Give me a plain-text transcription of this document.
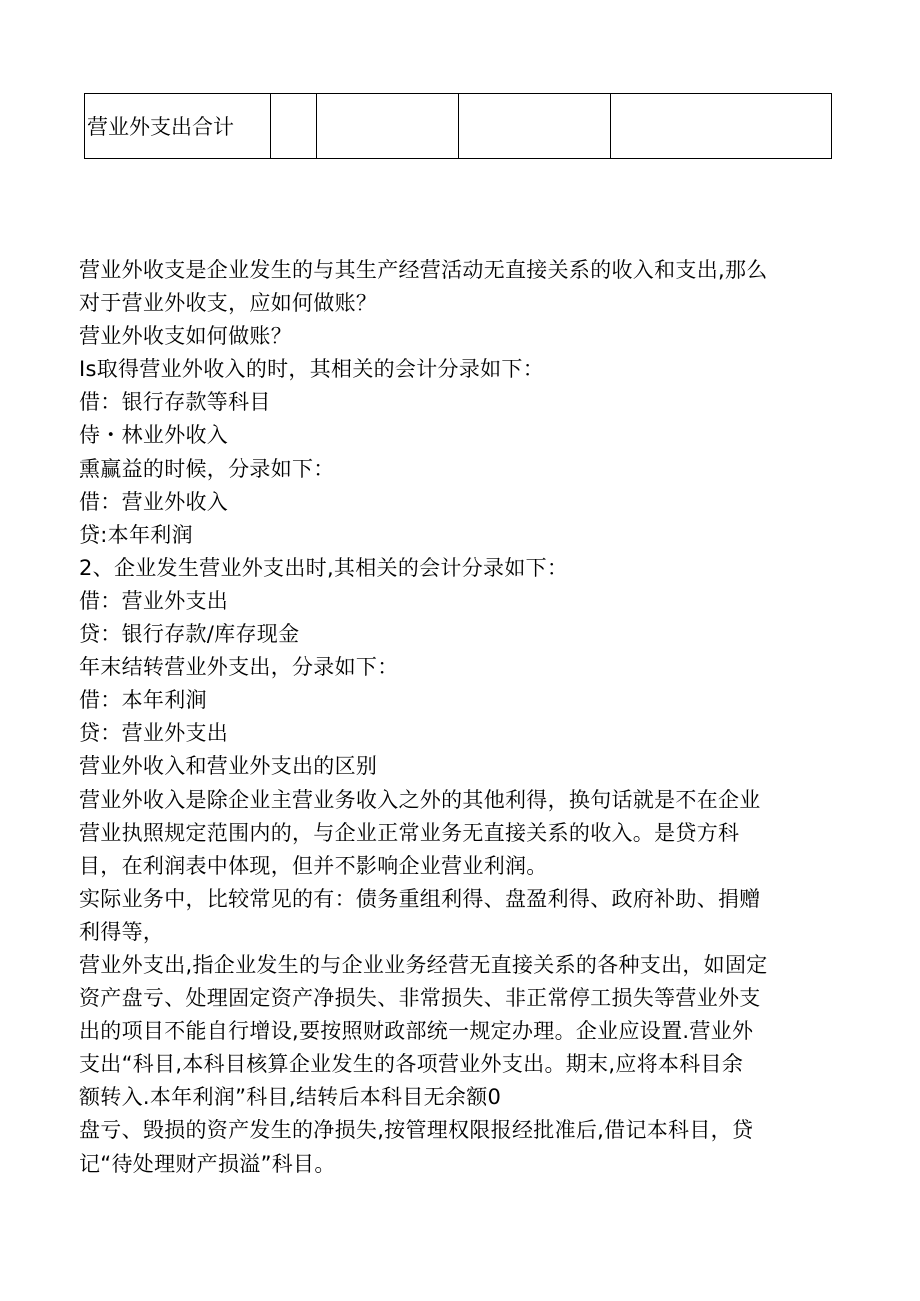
营业外支出合计				

营业外收支是企业发生的与其生产经营活动无直接关系的收入和支出,那么

对于营业外收支，应如何做账？

营业外收支如何做账？

Is取得营业外收入的时，其相关的会计分录如下：

借：银行存款等科目

侍・林业外收入

熏赢益的时候，分录如下：

借：营业外收入

贷:本年利润

2、企业发生营业外支出时,其相关的会计分录如下：

借：营业外支出

贷：银行存款/库存现金

年末结转营业外支出，分录如下：

借：本年利涧

贷：营业外支出

营业外收入和营业外支出的区别

营业外收入是除企业主营业务收入之外的其他利得，换句话就是不在企业

营业执照规定范围内的，与企业正常业务无直接关系的收入。是贷方科

目，在利润表中体现，但并不影响企业营业利润。

实际业务中，比较常见的有：债务重组利得、盘盈利得、政府补助、捐赠

利得等，

营业外支出,指企业发生的与企业业务经营无直接关系的各种支出，如固定

资产盘亏、处理固定资产净损失、非常损失、非正常停工损失等营业外支

出的项目不能自行增设,要按照财政部统一规定办理。企业应设置.营业外

支出“科目,本科目核算企业发生的各项营业外支出。期末,应将本科目余

额转入.本年利润”科目,结转后本科目无余额0

盘亏、毁损的资产发生的净损失,按管理权限报经批准后,借记本科目，贷

记“待处理财产损溢”科目。
